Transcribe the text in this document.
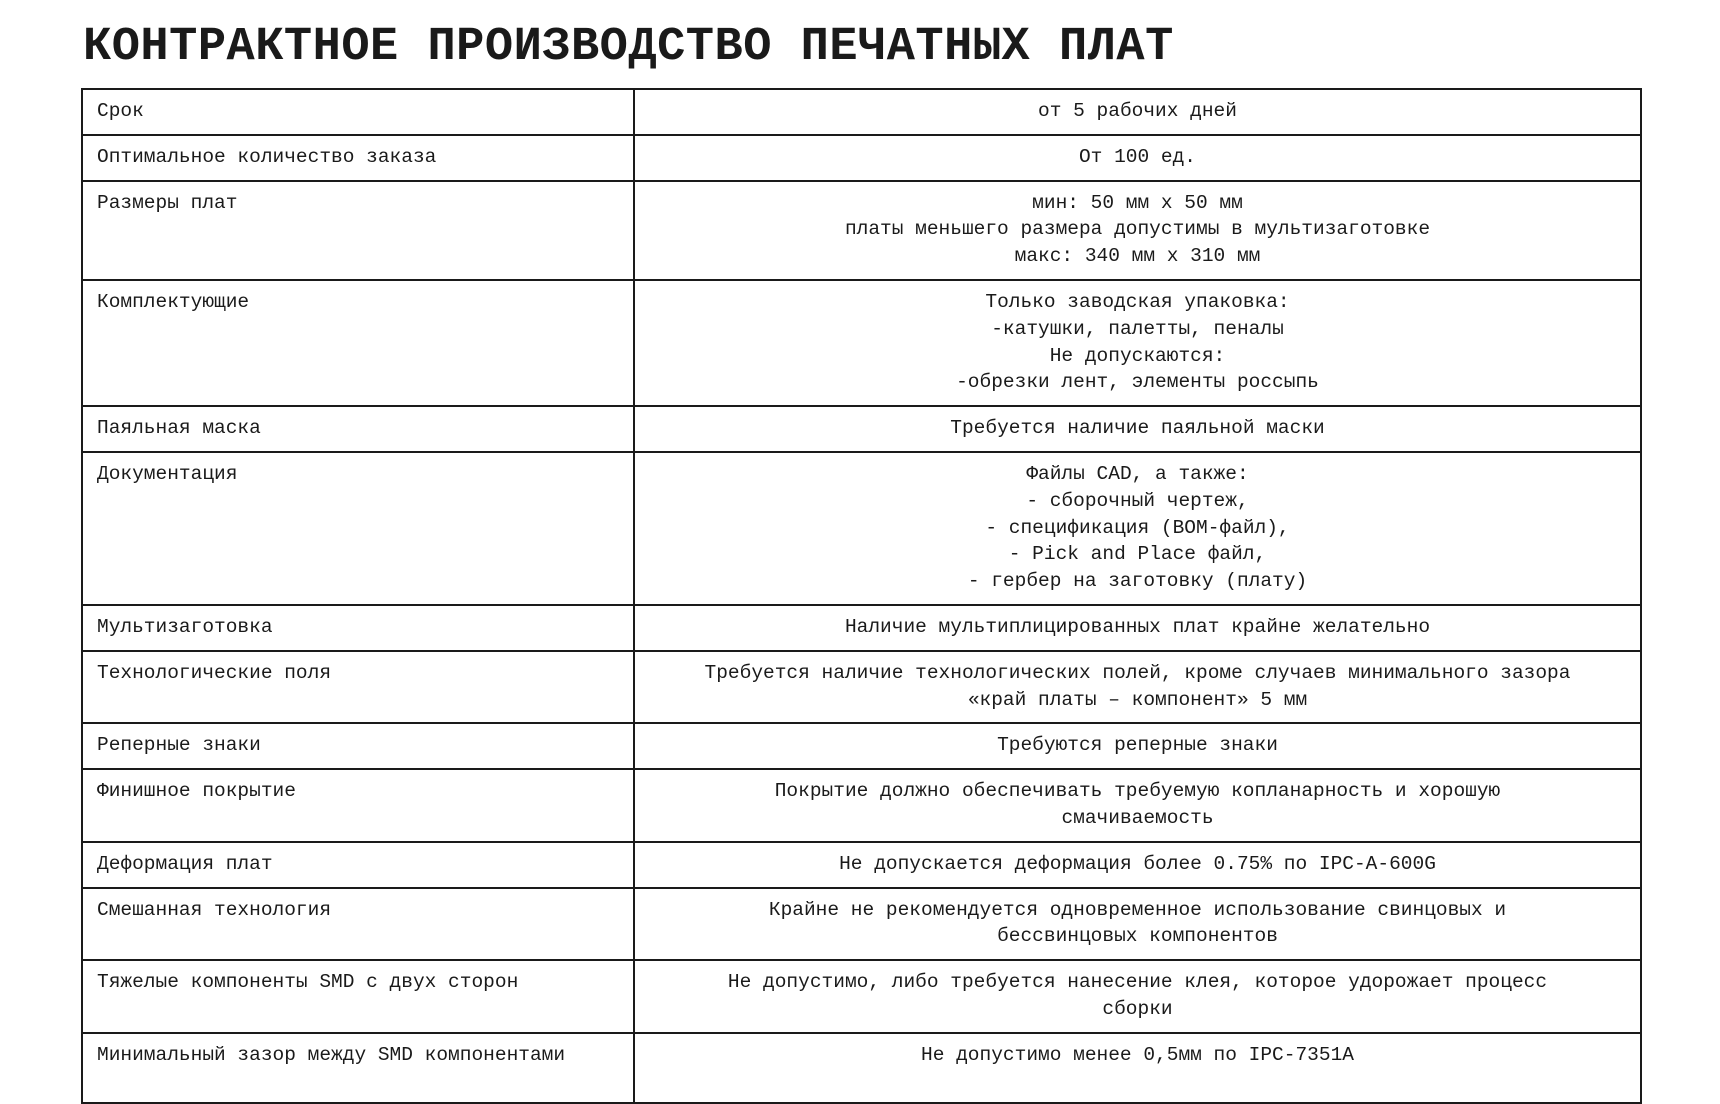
КОНТРАКТНОЕ ПРОИЗВОДСТВО ПЕЧАТНЫХ ПЛАТ
Срок	от 5 рабочих дней
Оптимальное количество заказа	От 100 ед.
Размеры плат	мин: 50 мм х 50 мм
платы меньшего размера допустимы в мультизаготовке
макс: 340 мм х 310 мм
Комплектующие	Только заводская упаковка:
-катушки, палетты, пеналы
Не допускаются:
-обрезки лент, элементы россыпь
Паяльная маска	Требуется наличие паяльной маски
Документация	Файлы CAD, а также:
- сборочный чертеж,
- спецификация (BOM-файл),
- Pick and Place файл,
- гербер на заготовку (плату)
Мультизаготовка	Наличие мультиплицированных плат крайне желательно
Технологические поля	Требуется наличие технологических полей, кроме случаев минимального зазора
«край платы – компонент» 5 мм
Реперные знаки	Требуются реперные знаки
Финишное покрытие	Покрытие должно обеспечивать требуемую копланарность и хорошую
смачиваемость
Деформация плат	Не допускается деформация более 0.75% по IPC-A-600G
Смешанная технология	Крайне не рекомендуется одновременное использование свинцовых и
бессвинцовых компонентов
Тяжелые компоненты SMD с двух сторон	Не допустимо, либо требуется нанесение клея, которое удорожает процесс
сборки
Минимальный зазор между SMD компонентами	Не допустимо менее 0,5мм по IPC-7351A
